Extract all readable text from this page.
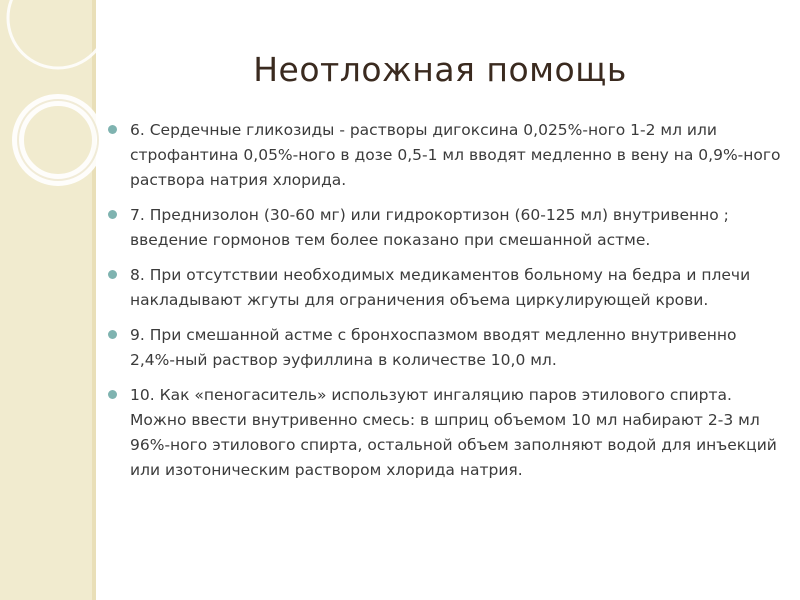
Неотложная помощь
6. Сердечные гликозиды - растворы дигоксина 0,025%-ного 1-2 мл или строфантина 0,05%-ного в дозе 0,5-1 мл вводят медленно в вену на 0,9%-ного раствора натрия хлорида.
7. Преднизолон (30-60 мг) или гидрокортизон (60-125 мл) внутривенно ; введение гормонов тем более показано при смешанной астме.
8. При отсутствии необходимых медикаментов больному на бедра и плечи накладывают жгуты для ограничения объема циркулирующей крови.
9. При смешанной астме с бронхоспазмом вводят медленно внутривенно 2,4%-ный раствор эуфиллина в количестве 10,0 мл.
10. Как «пеногаситель» используют ингаляцию паров этилового спирта. Можно ввести внутривенно смесь: в шприц объемом 10 мл набирают 2-3 мл 96%-ного этилового спирта, остальной объем заполняют водой для инъекций или изотоническим раствором хлорида натрия.
